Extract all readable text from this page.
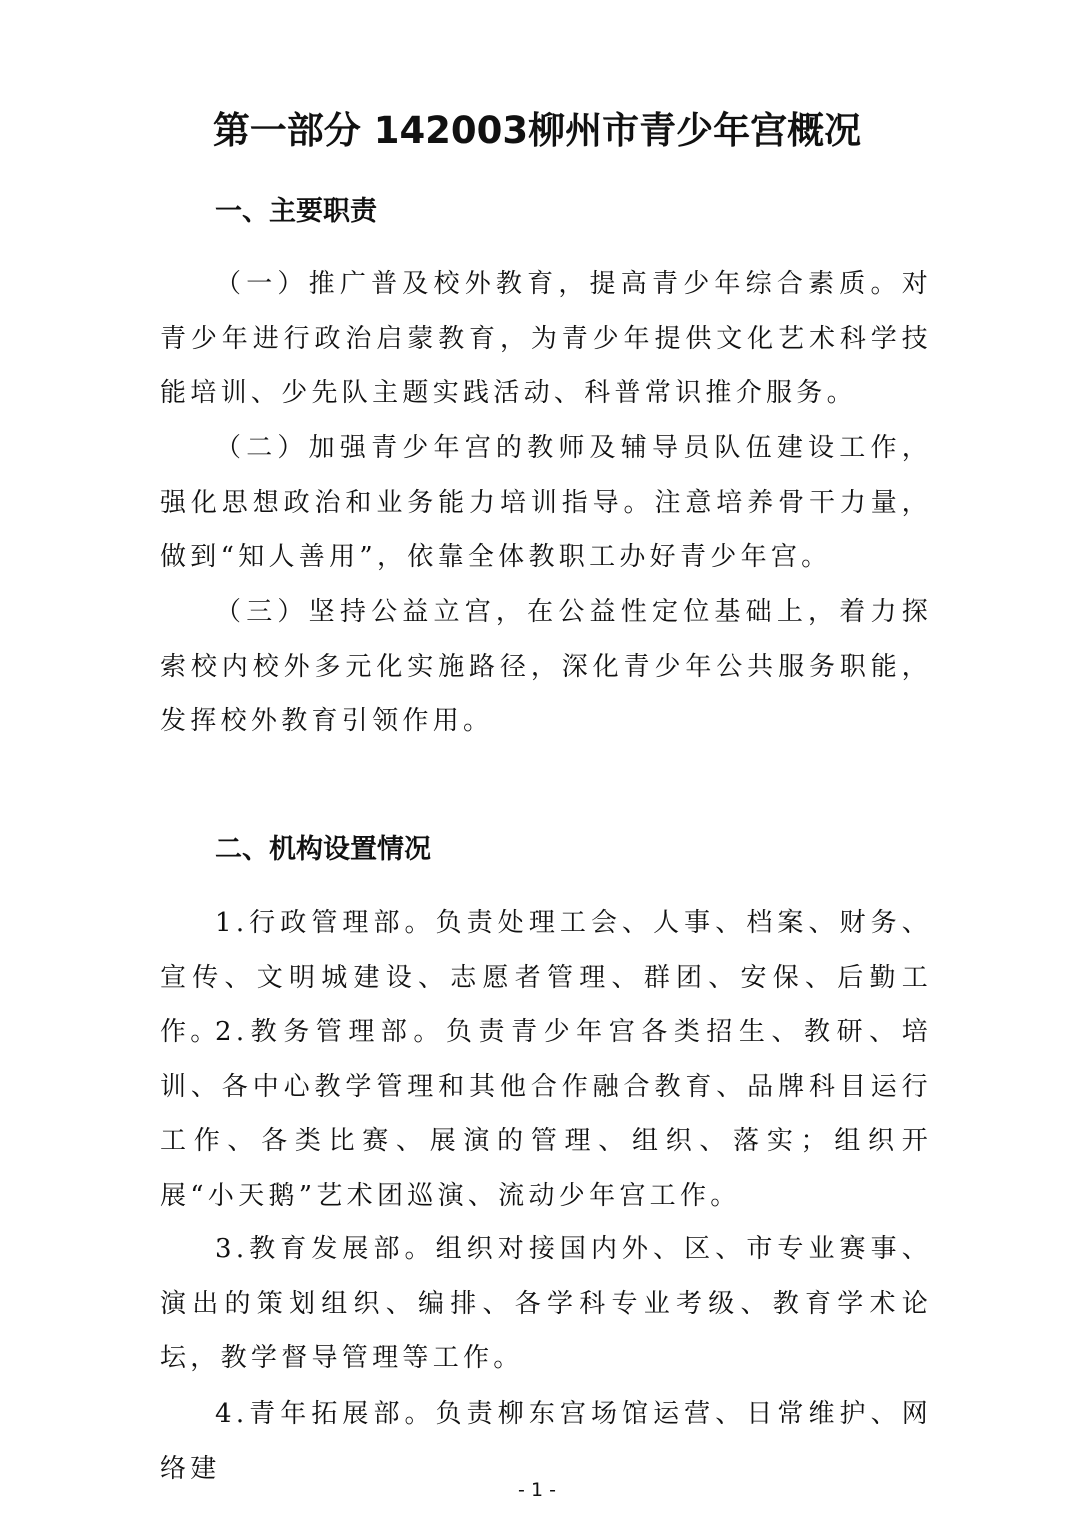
第一部分 142003柳州市青少年宫概况
一、主要职责

（一）推广普及校外教育，提高青少年综合素质。对青少年进行政治启蒙教育，为青少年提供文化艺术科学技能培训、少先队主题实践活动、科普常识推介服务。

（二）加强青少年宫的教师及辅导员队伍建设工作，强化思想政治和业务能力培训指导。注意培养骨干力量，做到“知人善用”，依靠全体教职工办好青少年宫。

（三）坚持公益立宫，在公益性定位基础上，着力探索校内校外多元化实施路径，深化青少年公共服务职能，发挥校外教育引领作用。

二、机构设置情况

1.行政管理部。负责处理工会、人事、档案、财务、宣传、文明城建设、志愿者管理、群团、安保、后勤工作。

2.教务管理部。负责青少年宫各类招生、教研、培训、各中心教学管理和其他合作融合教育、品牌科目运行工作、各类比赛、展演的管理、组织、落实；组织开展“小天鹅”艺术团巡演、流动少年宫工作。

3.教育发展部。组织对接国内外、区、市专业赛事、演出的策划组织、编排、各学科专业考级、教育学术论坛，教学督导管理等工作。

4.青年拓展部。负责柳东宫场馆运营、日常维护、网络建

- 1 -
